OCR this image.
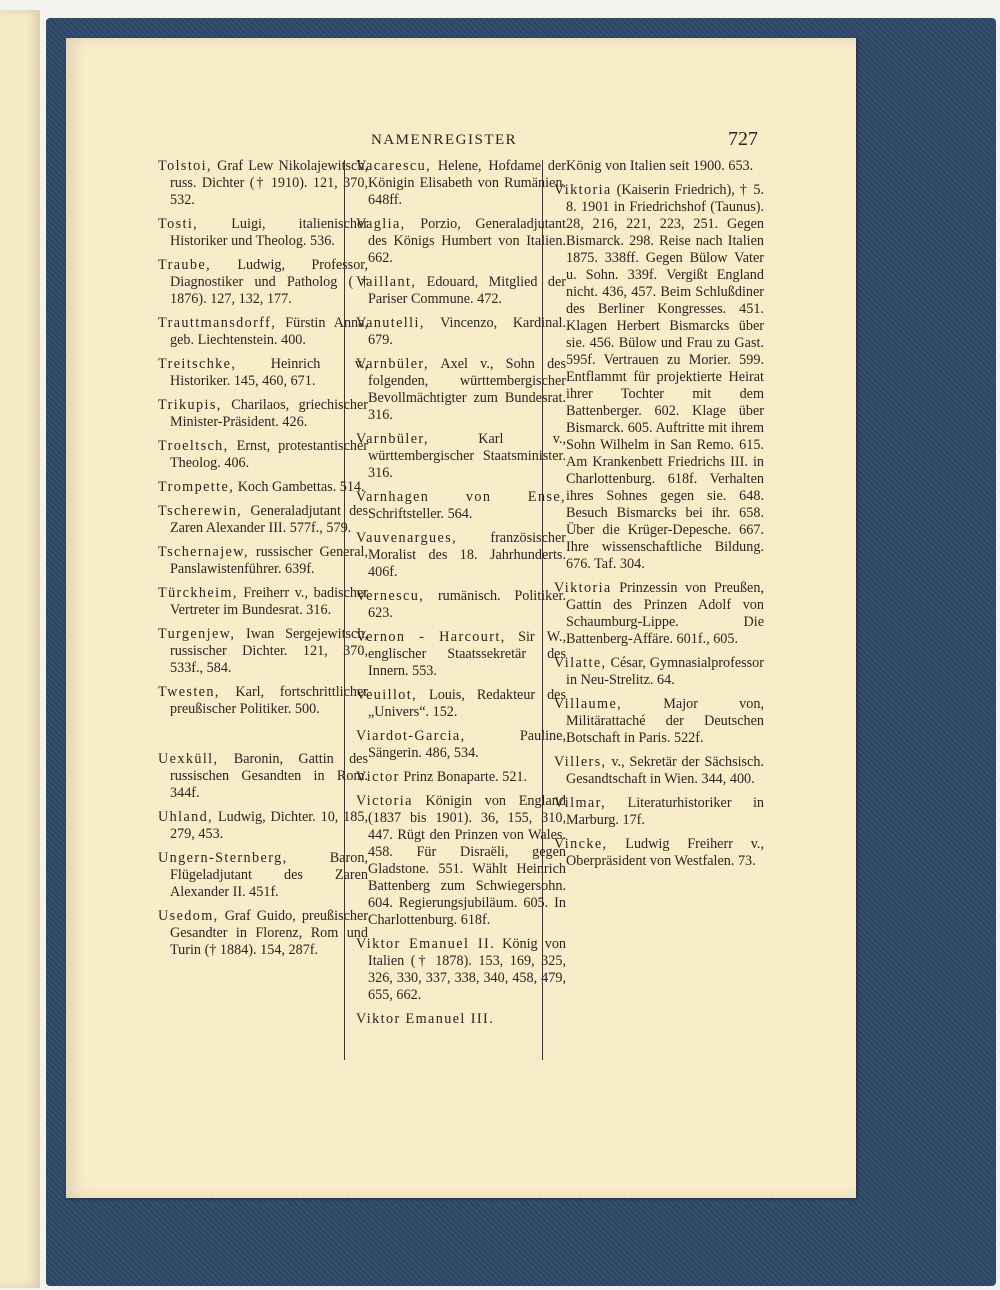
NAMENREGISTER	727

Tolstoi, Graf Lew Nikolajewitsch, russ. Dichter († 1910). 121, 370, 532.

Tosti, Luigi, italienischer Historiker und Theolog. 536.

Traube, Ludwig, Professor, Diagnostiker und Patholog († 1876). 127, 132, 177.

Trauttmansdorff, Fürstin Anna, geb. Liechtenstein. 400.

Treitschke, Heinrich v., Historiker. 145, 460, 671.

Trikupis, Charilaos, griechischer Minister-Präsident. 426.

Troeltsch, Ernst, protestantischer Theolog. 406.

Trompette, Koch Gambettas. 514.

Tscherewin, Generaladjutant des Zaren Alexander III. 577f., 579.

Tschernajew, russischer General, Panslawistenführer. 639f.

Türckheim, Freiherr v., badischer Vertreter im Bundesrat. 316.

Turgenjew, Iwan Sergejewitsch, russischer Dichter. 121, 370, 533f., 584.

Twesten, Karl, fortschrittlicher preußischer Politiker. 500.

Uexküll, Baronin, Gattin des russischen Gesandten in Rom. 344f.

Uhland, Ludwig, Dichter. 10, 185, 279, 453.

Ungern-Sternberg, Baron, Flügeladjutant des Zaren Alexander II. 451f.

Usedom, Graf Guido, preußischer Gesandter in Florenz, Rom und Turin († 1884). 154, 287f.

Vacarescu, Helene, Hofdame der Königin Elisabeth von Rumänien. 648ff.

Vaglia, Porzio, Generaladjutant des Königs Humbert von Italien. 662.

Vaillant, Edouard, Mitglied der Pariser Commune. 472.

Vanutelli, Vincenzo, Kardinal. 679.

Varnbüler, Axel v., Sohn des folgenden, württembergischer Bevollmächtigter zum Bundesrat. 316.

Varnbüler, Karl v., württembergischer Staatsminister. 316.

Varnhagen von Ense, Schriftsteller. 564.

Vauvenargues, französischer Moralist des 18. Jahrhunderts. 406f.

Vernescu, rumänisch. Politiker. 623.

Vernon - Harcourt, Sir W., englischer Staatssekretär des Innern. 553.

Veuillot, Louis, Redakteur des „Univers“. 152.

Viardot-Garcia, Pauline, Sängerin. 486, 534.

Victor Prinz Bonaparte. 521.

Victoria Königin von England (1837 bis 1901). 36, 155, 310, 447. Rügt den Prinzen von Wales. 458. Für Disraëli, gegen Gladstone. 551. Wählt Heinrich Battenberg zum Schwiegersohn. 604. Regierungsjubiläum. 605. In Charlottenburg. 618f.

Viktor Emanuel II. König von Italien († 1878). 153, 169, 325, 326, 330, 337, 338, 340, 458, 479, 655, 662.

Viktor Emanuel III.

König von Italien seit 1900. 653.

Viktoria (Kaiserin Friedrich), † 5. 8. 1901 in Friedrichshof (Taunus). 28, 216, 221, 223, 251. Gegen Bismarck. 298. Reise nach Italien 1875. 338ff. Gegen Bülow Vater u. Sohn. 339f. Vergißt England nicht. 436, 457. Beim Schlußdiner des Berliner Kongresses. 451. Klagen Herbert Bismarcks über sie. 456. Bülow und Frau zu Gast. 595f. Vertrauen zu Morier. 599. Entflammt für projektierte Heirat ihrer Tochter mit dem Battenberger. 602. Klage über Bismarck. 605. Auftritte mit ihrem Sohn Wilhelm in San Remo. 615. Am Krankenbett Friedrichs III. in Charlottenburg. 618f. Verhalten ihres Sohnes gegen sie. 648. Besuch Bismarcks bei ihr. 658. Über die Krüger-Depesche. 667. Ihre wissenschaftliche Bildung. 676. Taf. 304.

Viktoria Prinzessin von Preußen, Gattin des Prinzen Adolf von Schaumburg-Lippe. Die Battenberg-Affäre. 601f., 605.

Vilatte, César, Gymnasialprofessor in Neu-Strelitz. 64.

Villaume, Major von, Militärattaché der Deutschen Botschaft in Paris. 522f.

Villers, v., Sekretär der Sächsisch. Gesandtschaft in Wien. 344, 400.

Vilmar, Literaturhistoriker in Marburg. 17f.

Vincke, Ludwig Freiherr v., Oberpräsident von Westfalen. 73.
